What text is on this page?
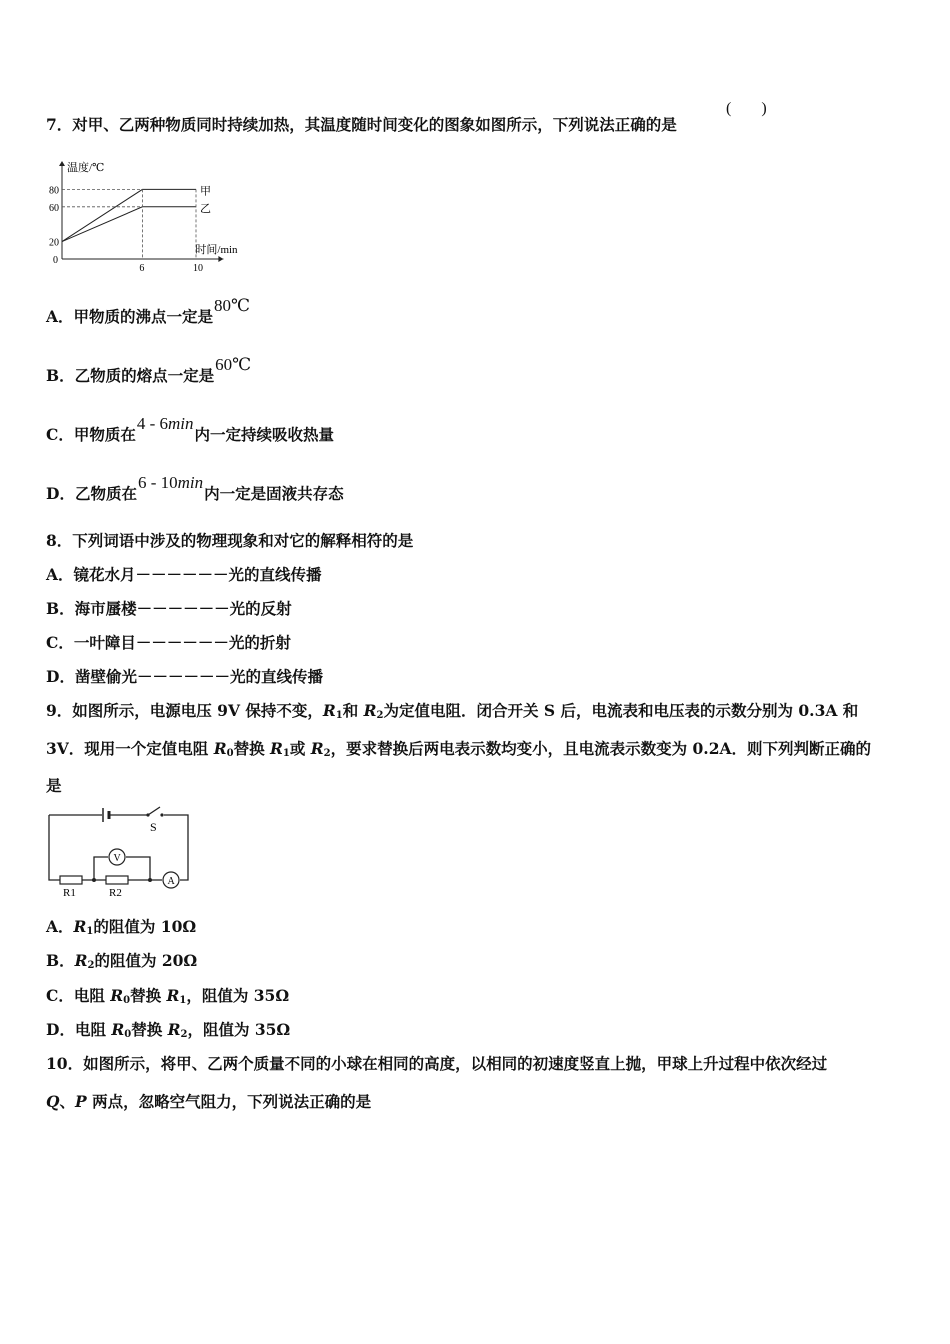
7．对甲、乙两种物质同时持续加热，其温度随时间变化的图象如图所示，下列说法正确的是
( )
温度/℃
时间/min
甲
乙
6	10
0
20
60
80
A．甲物质的沸点一定是80℃
B．乙物质的熔点一定是60℃
C．甲物质在4 - 6min内一定持续吸收热量
D．乙物质在6 - 10min内一定是固液共存态
8．下列词语中涉及的物理现象和对它的解释相符的是
A．镜花水月－－－－－－光的直线传播
B．海市蜃楼－－－－－－光的反射
C．一叶障目－－－－－－光的折射
D．凿壁偷光－－－－－－光的直线传播
9．如图所示，电源电压 9V 保持不变，$R_1$和 $R_2$为定值电阻．闭合开关 S 后，电流表和电压表的示数分别为 0.3A 和
3V．现用一个定值电阻 $R_0$替换 $R_1$或 $R_2$，要求替换后两电表示数均变小，且电流表示数变为 0.2A．则下列判断正确的
是
S
R1	R2
V
A
A．$R_1$的阻值为 10Ω
B．$R_2$的阻值为 20Ω
C．电阻 $R_0$替换 $R_1$，阻值为 35Ω
D．电阻 $R_0$替换 $R_2$，阻值为 35Ω
10．如图所示，将甲、乙两个质量不同的小球在相同的高度，以相同的初速度竖直上抛，甲球上升过程中依次经过
Q、P 两点，忽略空气阻力，下列说法正确的是
